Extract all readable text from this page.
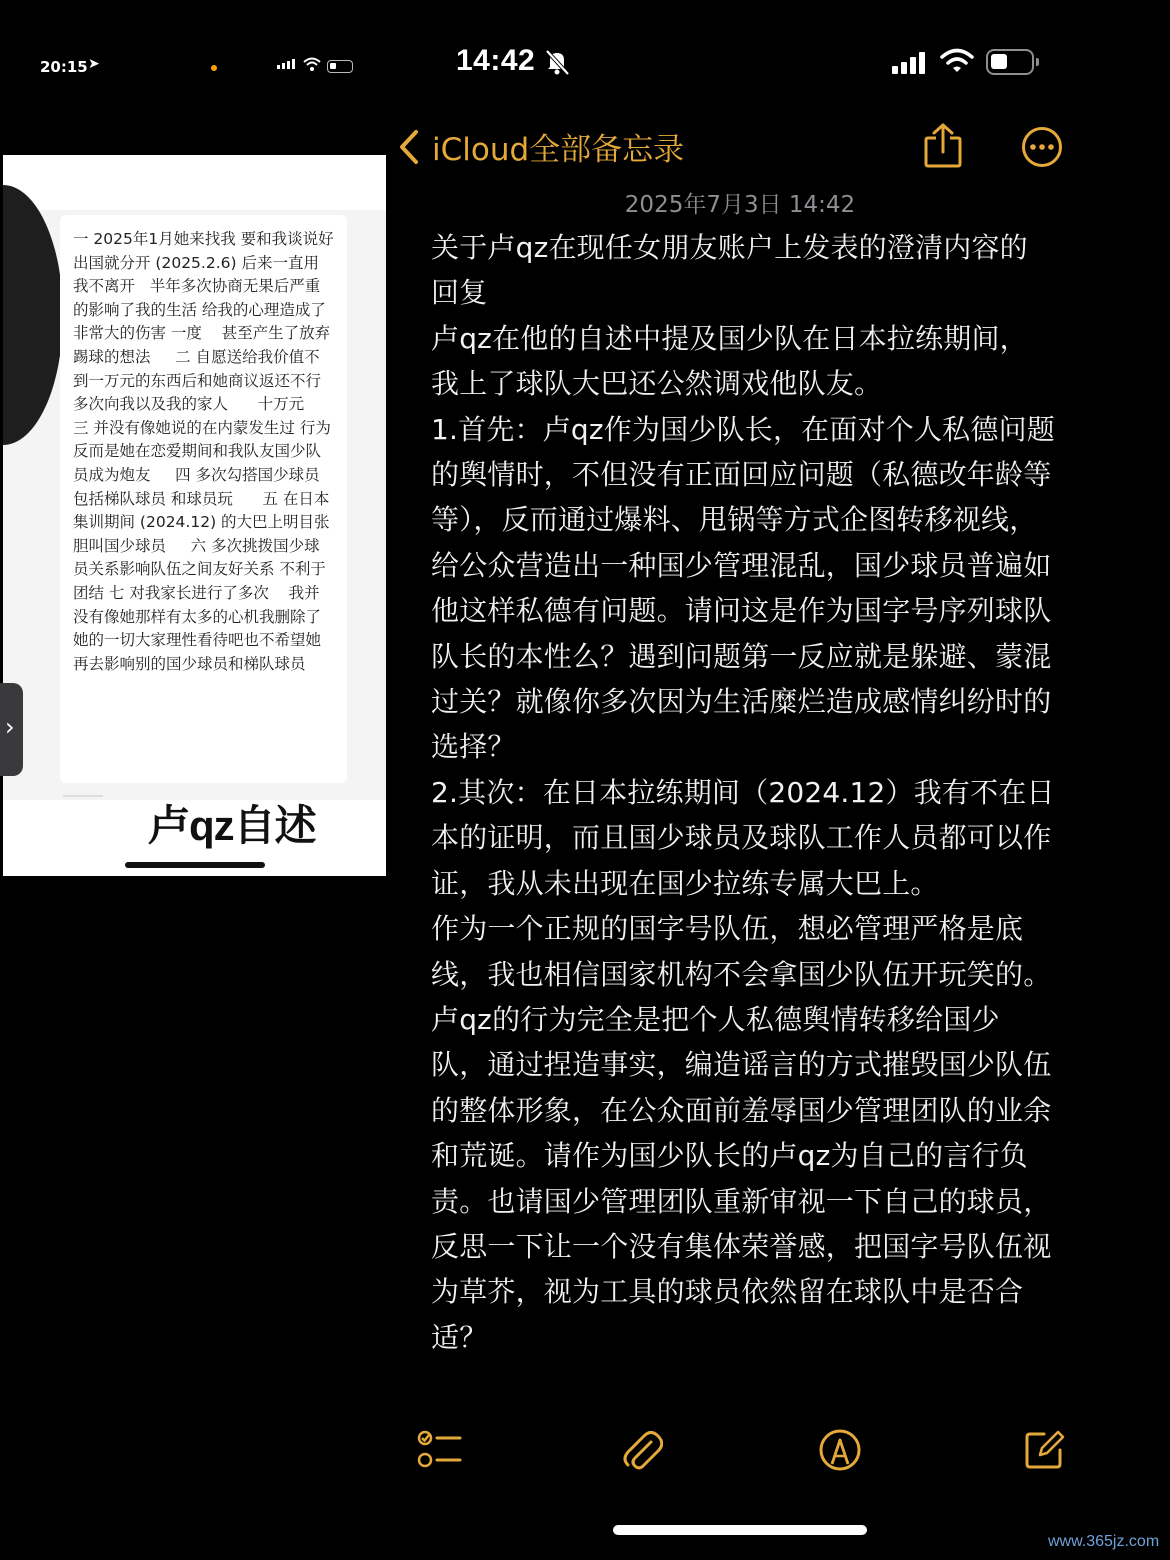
20:15 ➤
一 2025年1月她来找我 要和我谈说好出国就分开 (2025.2.6) 后来一直用    我不离开   半年多次协商无果后严重的影响了我的生活 给我的心理造成了非常大的伤害 一度    甚至产生了放弃踢球的想法     二 自愿送给我价值不到一万元的东西后和她商议返还不行  多次向我以及我的家人      十万元     三 并没有像她说的在内蒙发生过 行为反而是她在恋爱期间和我队友国少队员成为炮友     四 多次勾搭国少球员包括梯队球员 和球员玩      五 在日本集训期间 (2024.12) 的大巴上明目张胆叫国少球员     六 多次挑拨国少球员关系影响队伍之间友好关系 不利于团结 七 对我家长进行了多次    我并没有像她那样有太多的心机我删除了她的一切大家理性看待吧也不希望她再去影响别的国少球员和梯队球员
卢qz自述
›
14:42
iCloud全部备忘录
2025年7月3日 14:42
关于卢qz在现任女朋友账户上发表的澄清内容的回复
卢qz在他的自述中提及国少队在日本拉练期间，我上了球队大巴还公然调戏他队友。
1.首先：卢qz作为国少队长，在面对个人私德问题的舆情时，不但没有正面回应问题（私德改年龄等等），反而通过爆料、甩锅等方式企图转移视线，给公众营造出一种国少管理混乱，国少球员普遍如他这样私德有问题。请问这是作为国字号序列球队队长的本性么？遇到问题第一反应就是躲避、蒙混过关？就像你多次因为生活糜烂造成感情纠纷时的选择？
2.其次：在日本拉练期间（2024.12）我有不在日本的证明，而且国少球员及球队工作人员都可以作证，我从未出现在国少拉练专属大巴上。
作为一个正规的国字号队伍，想必管理严格是底线，我也相信国家机构不会拿国少队伍开玩笑的。卢qz的行为完全是把个人私德舆情转移给国少队，通过捏造事实，编造谣言的方式摧毁国少队伍的整体形象，在公众面前羞辱国少管理团队的业余和荒诞。请作为国少队长的卢qz为自己的言行负责。也请国少管理团队重新审视一下自己的球员，反思一下让一个没有集体荣誉感，把国字号队伍视为草芥，视为工具的球员依然留在球队中是否合适？
www.365jz.com
